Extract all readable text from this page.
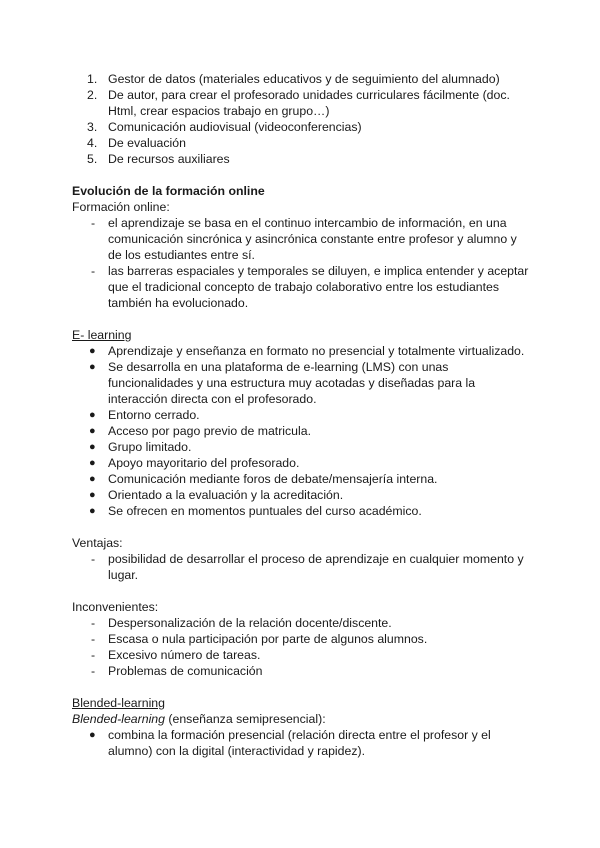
1. Gestor de datos (materiales educativos y de seguimiento del alumnado)
2. De autor, para crear el profesorado unidades curriculares fácilmente (doc.
Html, crear espacios trabajo en grupo…)
3. Comunicación audiovisual (videoconferencias)
4. De evaluación
5. De recursos auxiliares
Evolución de la formación online
Formación online:
- el aprendizaje se basa en el continuo intercambio de información, en una
comunicación sincrónica y asincrónica constante entre profesor y alumno y
de los estudiantes entre sí.
- las barreras espaciales y temporales se diluyen, e implica entender y aceptar
que el tradicional concepto de trabajo colaborativo entre los estudiantes
también ha evolucionado.
E- learning
● Aprendizaje y enseñanza en formato no presencial y totalmente virtualizado.
● Se desarrolla en una plataforma de e-learning (LMS) con unas
funcionalidades y una estructura muy acotadas y diseñadas para la
interacción directa con el profesorado.
● Entorno cerrado.
● Acceso por pago previo de matricula.
● Grupo limitado.
● Apoyo mayoritario del profesorado.
● Comunicación mediante foros de debate/mensajería interna.
● Orientado a la evaluación y la acreditación.
● Se ofrecen en momentos puntuales del curso académico.
Ventajas:
- posibilidad de desarrollar el proceso de aprendizaje en cualquier momento y
lugar.
Inconvenientes:
- Despersonalización de la relación docente/discente.
- Escasa o nula participación por parte de algunos alumnos.
- Excesivo número de tareas.
- Problemas de comunicación
Blended-learning
Blended-learning (enseñanza semipresencial):
● combina la formación presencial (relación directa entre el profesor y el
alumno) con la digital (interactividad y rapidez).
